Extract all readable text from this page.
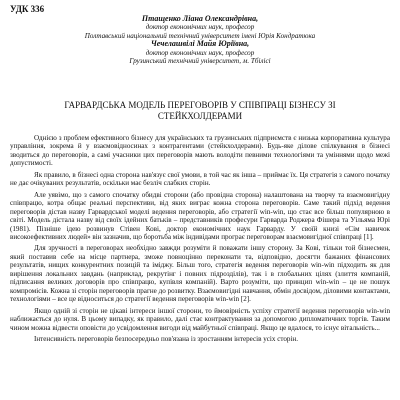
УДК 336
Птащенко Ліана Олександрівна,
доктор економічних наук, професор
Полтавський національний технічний університет імені Юрія Кондратюка
Чечелашвілі Майя Юріївна,
доктор економічних наук, професор
Грузинський технічний університет, м. Тбілісі
ГАРВАРДСЬКА МОДЕЛЬ ПЕРЕГОВОРІВ У СПІВПРАЦІ БІЗНЕСУ ЗІ
СТЕЙКХОЛДЕРАМИ

Однією з проблем ефективного бізнесу для українських та грузинських підприємств є низька корпоративна культура управління, зокрема й у взаємовідносинах з контрагентами (стейкхолдерами). Будь-яке ділове спілкування в бізнесі зводиться до переговорів, а самі учасники цих переговорів мають володіти певними технологіями та уміннями щодо межі допустимості.

Як правило, в бізнесі одна сторона нав'язує свої умови, в той час як інша – приймає їх. Ця стратегія з самого початку не дає очікуваних результатів, оскільки має безліч слабких сторін.

Але уявімо, що з самого спочатку обидві сторони (або провідна сторона) налаштована на творчу та взаємовигідну співпрацю, котра общає реальні перспективи, від яких виграє кожна сторона переговорів. Саме такий підхід ведення переговорів дістав назву Гарвардської моделі ведення переговорів, або стратегії win-win, що стає все більш популярною в світі. Модель дістала назву від своїх ідейних батьків – представників професури Гарварда Роджера Фішера та Уільяма Юрі (1981). Пізніше ідею розвинув Стівен Кові, доктор економічних наук Гарварду. У своїй книзі «Сім навичок високоефективних людей» він зазначив, що боротьба між індивідами програє переговорам взаємовигідної співпраці [1].

Для зручності в переговорах необхідно завжди розуміти й поважати іншу сторону. За Кові, тільки той бізнесмен, який поставив себе на місце партнера, зможе повноцінно переконати та, відповідно, досягти бажаних фінансових результатів, нищих конкурентних позицій та іміджу. Більш того, стратегія ведення переговорів win-win підходить як для вирішення локальних завдань (наприклад, рекрутінг і повних підрозділів), так і в глобальних цілях (злиття компаній, підписання великих договорів про співпрацю, купівля компаній). Варто розуміти, що принцип win-win – це не пошук компромісів. Кожна зі сторін переговорів прагне до розвитку. Взаємовигідні навчання, обмін досвідом, діловими контактами, технологіями – все це відноситься до стратегії ведення переговорів win-win [2].

Якщо одній зі сторін не цікаві інтереси іншої сторони, то ймовірність успіху стратегії ведення переговорів win-win наближається до нуля. В цьому випадку, як правило, далі стає контрактування за допомогою дипломатичних торгів. Таким чином можна відвести оповісти до усвідомлення вигоди від майбутньої співпраці. Якщо це вдалося, то існує вітальність...

Інтенсивність переговорів безпосередньо пов'язана із зростанням інтересів усіх сторін.
